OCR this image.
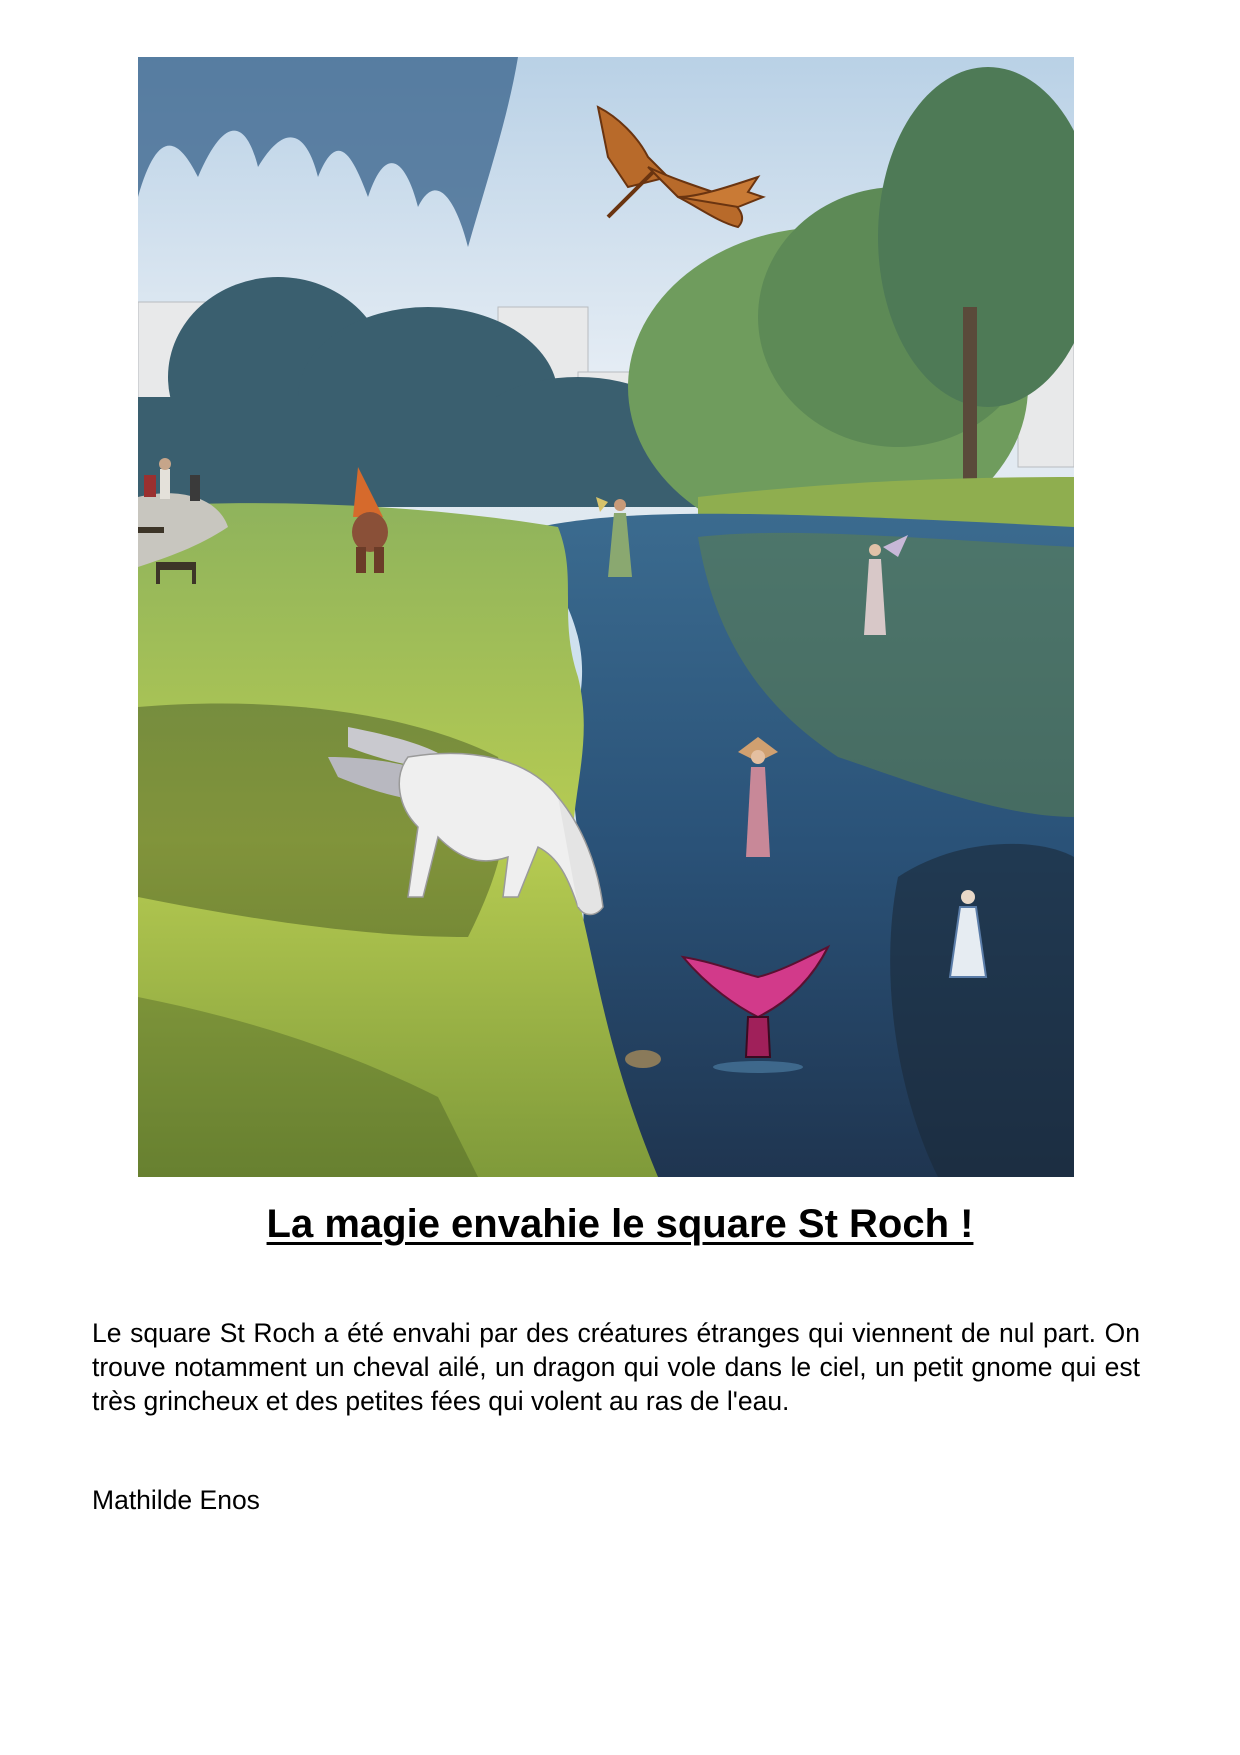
La magie envahie le square St Roch !

Le square St Roch a été envahi par des créatures étranges qui viennent de nul part. On trouve notamment un cheval ailé, un dragon qui vole dans le ciel, un petit gnome qui est très grincheux et des petites fées qui volent au ras de l'eau.

Mathilde Enos
